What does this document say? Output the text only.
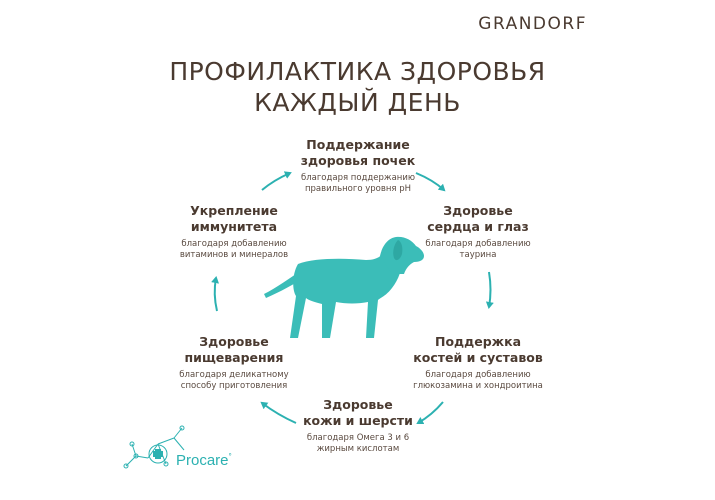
GRANDORF
ПРОФИЛАКТИКА ЗДОРОВЬЯ
КАЖДЫЙ ДЕНЬ
Поддержание
здоровья почек
благодаря поддержанию
правильного уровня pH
Здоровье
сердца и глаз
благодаря добавлению
таурина
Поддержка
костей и суставов
благодаря добавлению
глюкозамина и хондроитина
Здоровье
кожи и шерсти
благодаря Омега 3 и 6
жирным кислотам
Здоровье
пищеварения
благодаря деликатному
способу приготовления
Укрепление
иммунитета
благодаря добавлению
витаминов и минералов
Procare°
